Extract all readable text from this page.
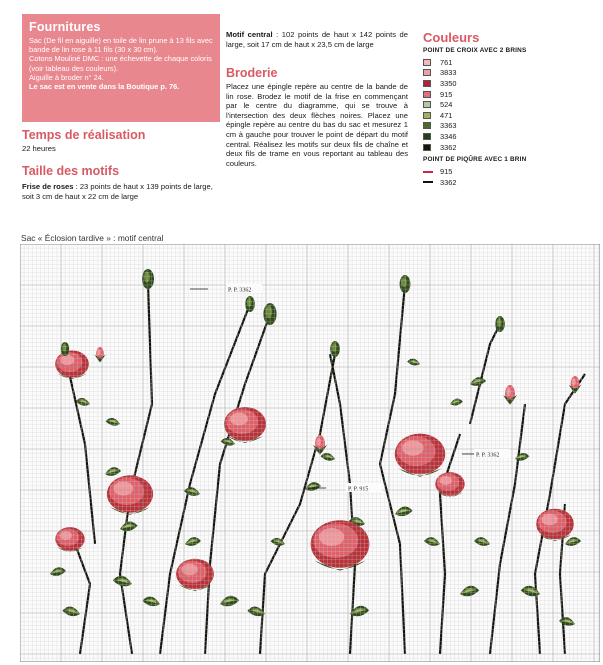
Fournitures
Sac (De fil en aiguille) en toile de lin prune à 13 fils avec bande de lin rose à 11 fils (30 x 30 cm).
Cotons Mouliné DMC : une échevette de chaque coloris (voir tableau des couleurs).
Aiguille à broder n° 24.
Le sac est en vente dans la Boutique p. 76.
Temps de réalisation
22 heures
Taille des motifs
Frise de roses : 23 points de haut x 139 points de large, soit 3 cm de haut x 22 cm de large
Motif central : 102 points de haut x 142 points de large, soit 17 cm de haut x 23,5 cm de large
Broderie
Placez une épingle repère au centre de la bande de lin rose. Brodez le motif de la frise en commençant par le centre du diagramme, qui se trouve à l'intersection des deux flèches noires. Placez une épingle repère au centre du bas du sac et mesurez 1 cm à gauche pour trouver le point de départ du motif central. Réalisez les motifs sur deux fils de chaîne et deux fils de trame en vous reportant au tableau des couleurs.
Couleurs
POINT DE CROIX AVEC 2 BRINS
761
3833
3350
915
524
471
3363
3346
3362
POINT DE PIQÛRE AVEC 1 BRIN
915
3362
Sac « Éclosion tardive » : motif central
P. P. 3362
P. P. 3362
P. P. 915
